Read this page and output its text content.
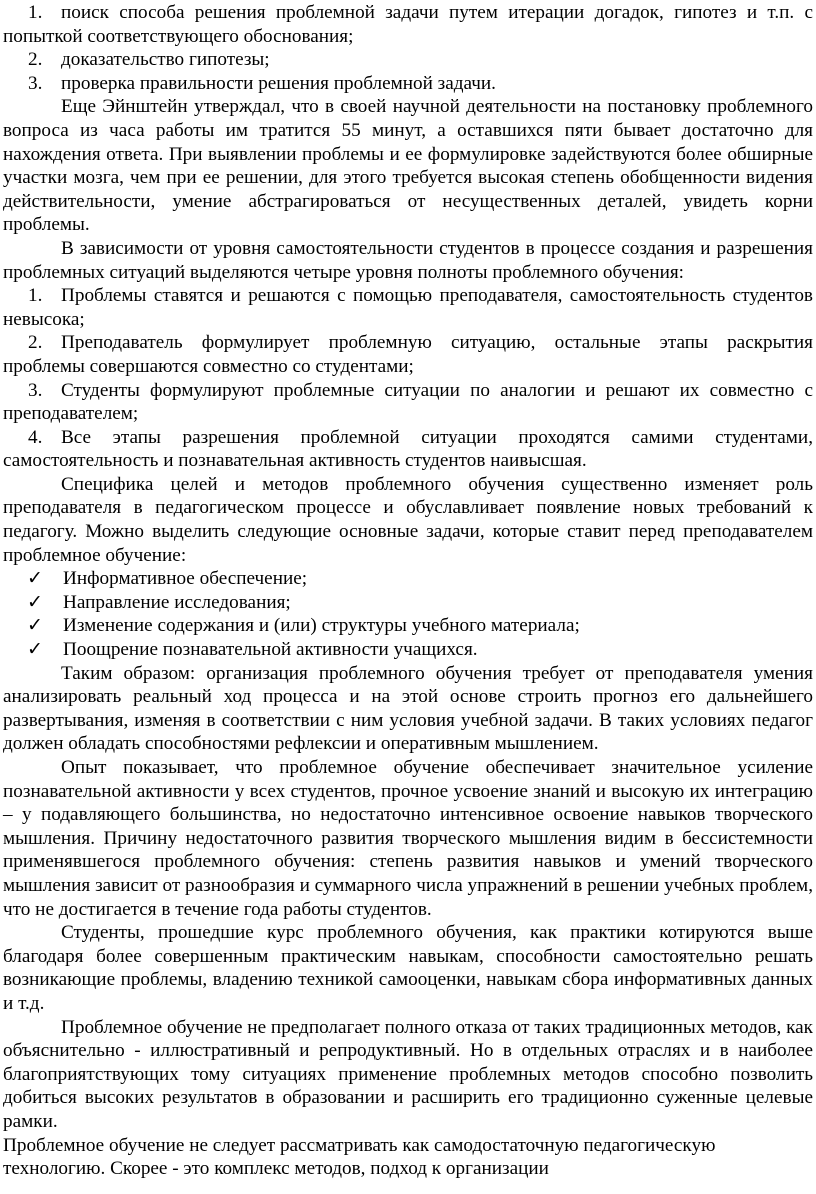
1. поиск способа решения проблемной задачи путем итерации догадок, гипотез и т.п. с попыткой соответствующего обоснования;

2. доказательство гипотезы;

3. проверка правильности решения проблемной задачи.

Еще Эйнштейн утверждал, что в своей научной деятельности на постановку проблемного вопроса из часа работы им тратится 55 минут, а оставшихся пяти бывает достаточно для нахождения ответа. При выявлении проблемы и ее формулировке задействуются более обширные участки мозга, чем при ее решении, для этого требуется высокая степень обобщенности видения действительности, умение абстрагироваться от несущественных деталей, увидеть корни проблемы.

В зависимости от уровня самостоятельности студентов в процессе создания и разрешения проблемных ситуаций выделяются четыре уровня полноты проблемного обучения:

1. Проблемы ставятся и решаются с помощью преподавателя, самостоятельность студентов невысока;

2. Преподаватель формулирует проблемную ситуацию, остальные этапы раскрытия проблемы совершаются совместно со студентами;

3. Студенты формулируют проблемные ситуации по аналогии и решают их совместно с преподавателем;

4. Все этапы разрешения проблемной ситуации проходятся самими студентами, самостоятельность и познавательная активность студентов наивысшая.

Специфика целей и методов проблемного обучения существенно изменяет роль преподавателя в педагогическом процессе и обуславливает появление новых требований к педагогу. Можно выделить следующие основные задачи, которые ставит перед преподавателем проблемное обучение:

✓ Информативное обеспечение;

✓ Направление исследования;

✓ Изменение содержания и (или) структуры учебного материала;

✓ Поощрение познавательной активности учащихся.

Таким образом: организация проблемного обучения требует от преподавателя умения анализировать реальный ход процесса и на этой основе строить прогноз его дальнейшего развертывания, изменяя в соответствии с ним условия учебной задачи. В таких условиях педагог должен обладать способностями рефлексии и оперативным мышлением.

Опыт показывает, что проблемное обучение обеспечивает значительное усиление познавательной активности у всех студентов, прочное усвоение знаний и высокую их интеграцию – у подавляющего большинства, но недостаточно интенсивное освоение навыков творческого мышления. Причину недостаточного развития творческого мышления видим в бессистемности применявшегося проблемного обучения: степень развития навыков и умений творческого мышления зависит от разнообразия и суммарного числа упражнений в решении учебных проблем, что не достигается в течение года работы студентов.

Студенты, прошедшие курс проблемного обучения, как практики котируются выше благодаря более совершенным практическим навыкам, способности самостоятельно решать возникающие проблемы, владению техникой самооценки, навыкам сбора информативных данных и т.д.

Проблемное обучение не предполагает полного отказа от таких традиционных методов, как объяснительно - иллюстративный и репродуктивный. Но в отдельных отраслях и в наиболее благоприятствующих тому ситуациях применение проблемных методов способно позволить добиться высоких результатов в образовании и расширить его традиционно суженные целевые рамки.

Проблемное обучение не следует рассматривать как самодостаточную педагогическую

технологию. Скорее - это комплекс методов, подход к организации
